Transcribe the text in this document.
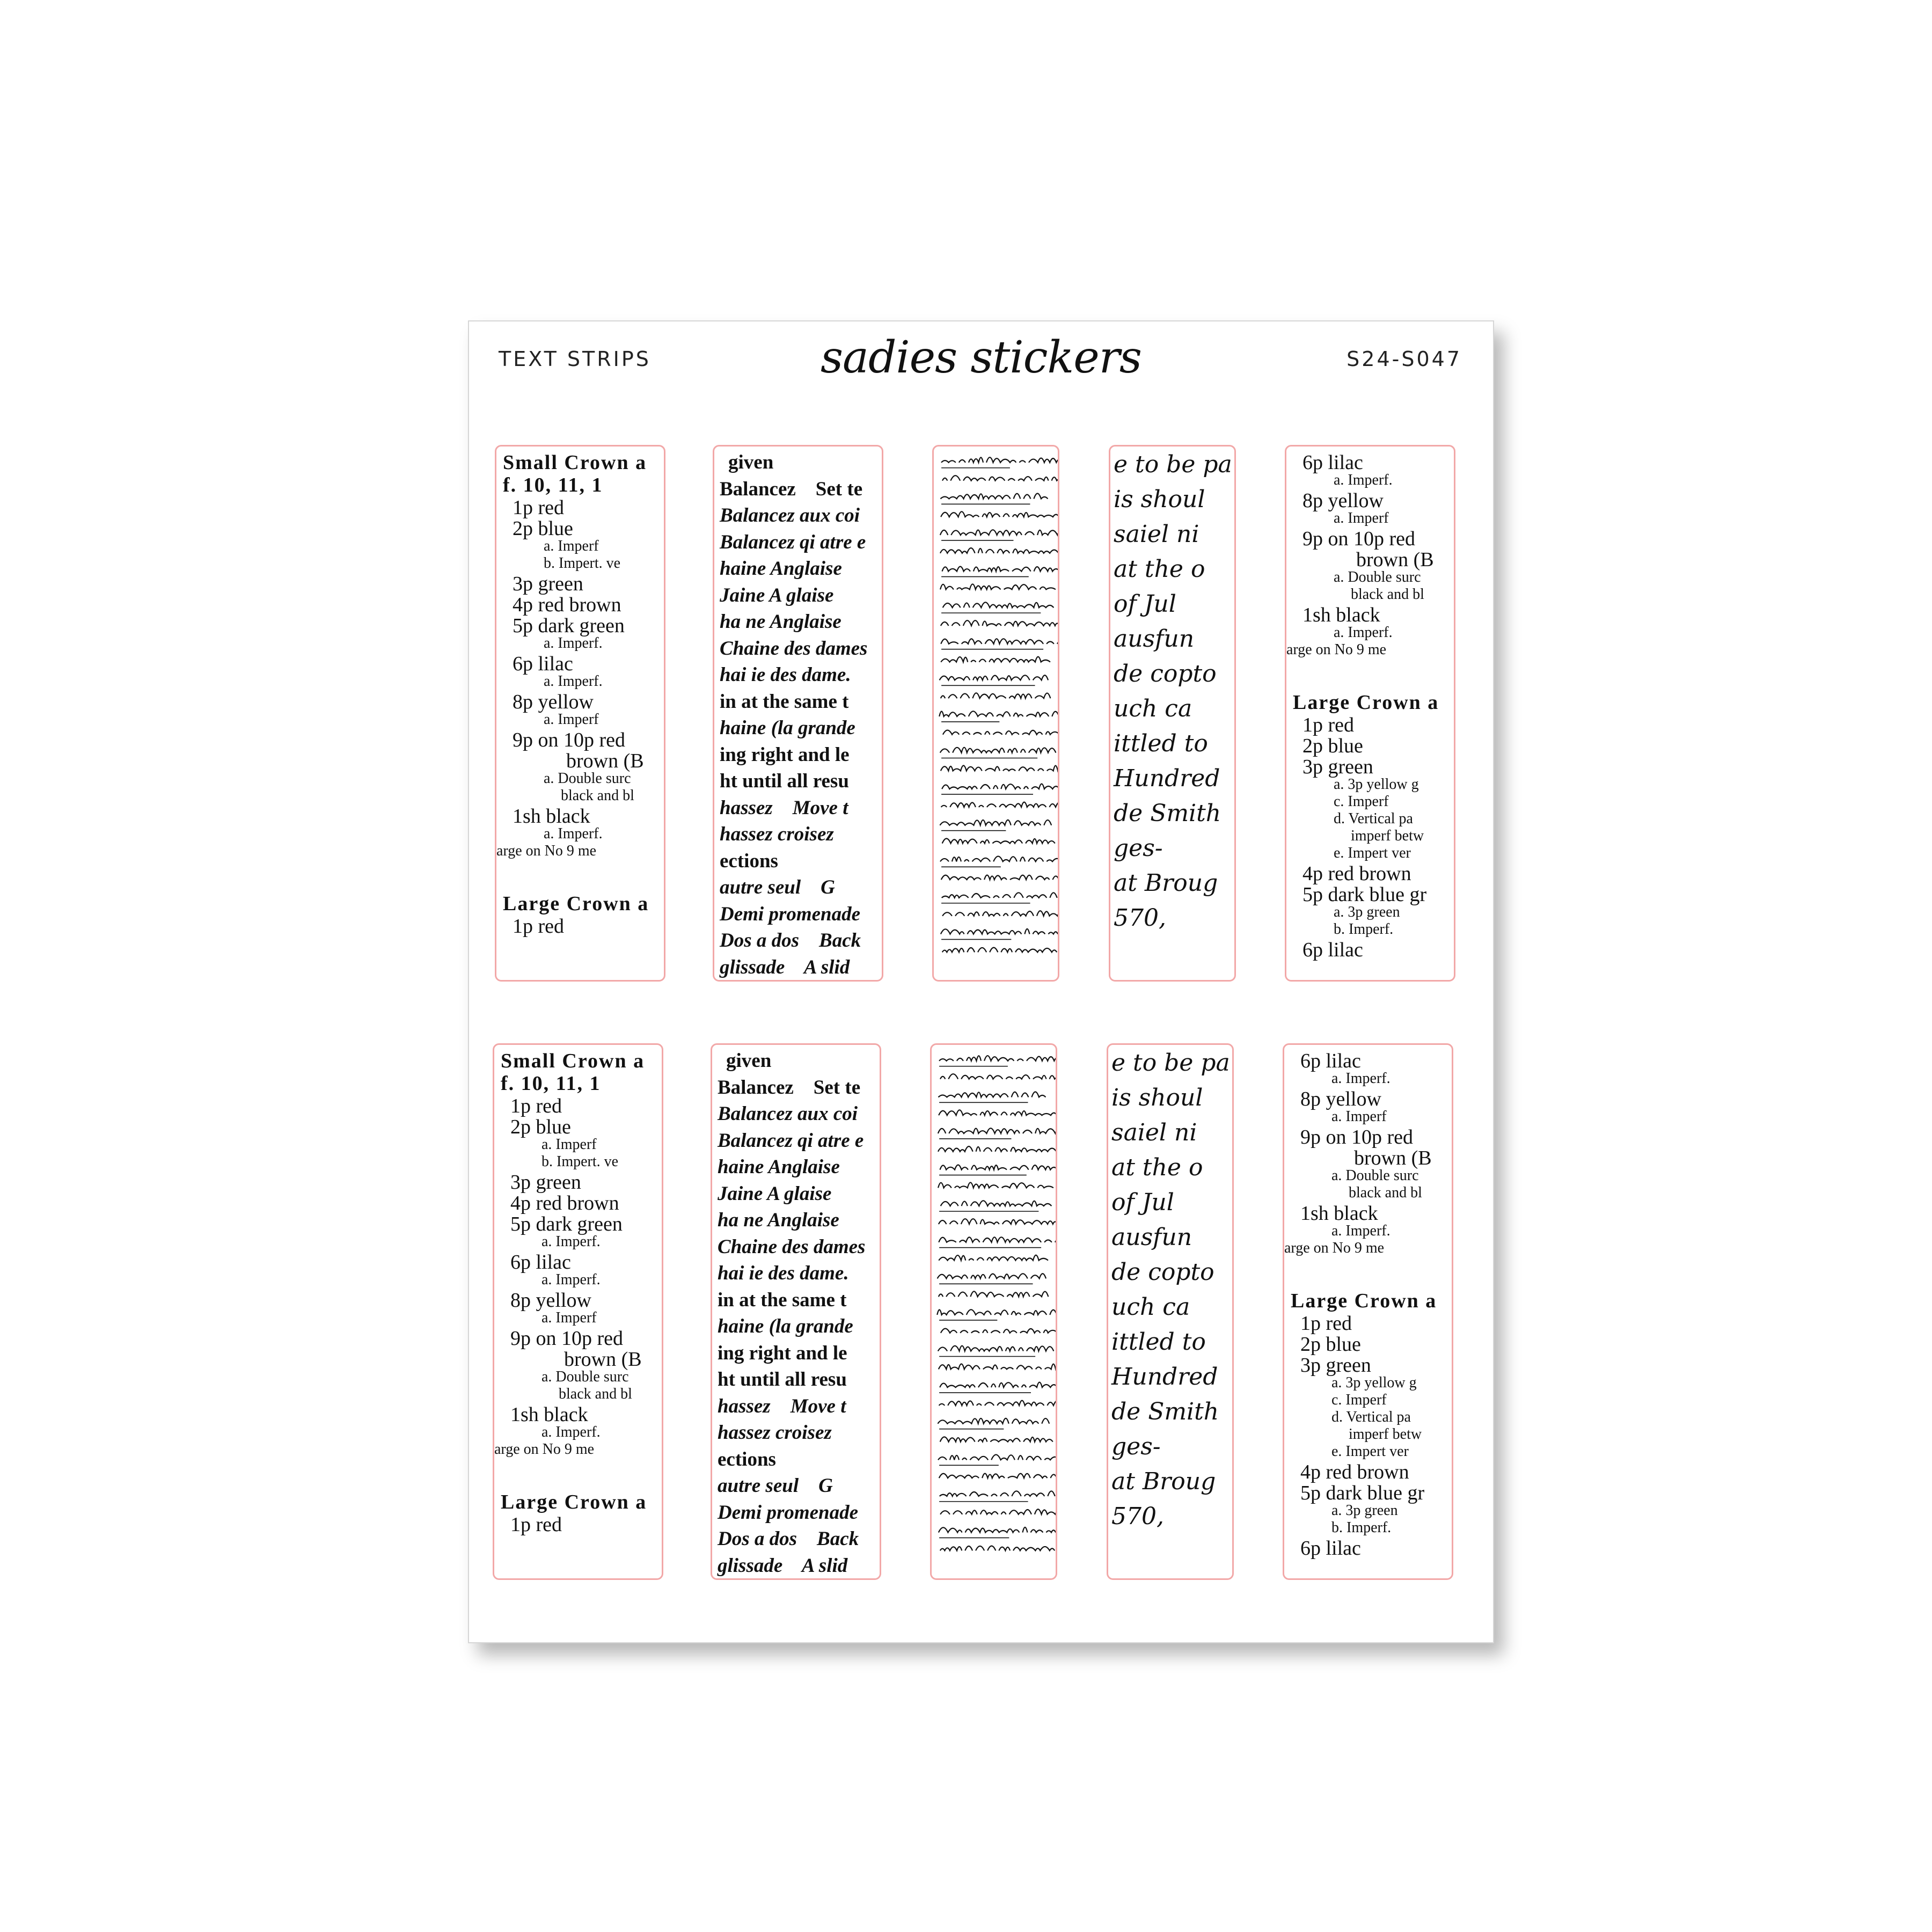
TEXT STRIPS	sadies stickers	S24-S047
Small Crown a
f. 10, 11, 1
1p red
2p blue
a. Imperf
b. Impert. ve
3p green
4p red brown
5p dark green
a. Imperf.
6p lilac
a. Imperf.
8p yellow
a. Imperf
9p on 10p red
brown (B
a. Double surc
black and bl
1sh black
a. Imperf.
arge on No 9 me
Large Crown a
1p red
given
Balancez    Set te
Balancez aux coi
Balancez qi atre e
haine Anglaise
Jaine A glaise
ha ne Anglaise
Chaine des dames
hai ie des dame.
in at the same t
haine (la grande
ing right and le
ht until all resu
hassez    Move t
hassez croisez
ections
autre seul    G
Demi promenade
Dos a dos    Back
glissade    A slid
e to be pa
is shoul
saiel ni
at the o
of Jul
ausfun
de copto
uch ca
ittled to
Hundred
de Smith
ges-
at Broug
570,
6p lilac
a. Imperf.
8p yellow
a. Imperf
9p on 10p red
brown (B
a. Double surc
black and bl
1sh black
a. Imperf.
arge on No 9 me
Large Crown a
1p red
2p blue
3p green
a. 3p yellow g
c. Imperf
d. Vertical pa
imperf betw
e. Impert ver
4p red brown
5p dark blue gr
a. 3p green
b. Imperf.
6p lilac
Small Crown a
f. 10, 11, 1
1p red
2p blue
a. Imperf
b. Impert. ve
3p green
4p red brown
5p dark green
a. Imperf.
6p lilac
a. Imperf.
8p yellow
a. Imperf
9p on 10p red
brown (B
a. Double surc
black and bl
1sh black
a. Imperf.
arge on No 9 me
Large Crown a
1p red
given
Balancez    Set te
Balancez aux coi
Balancez qi atre e
haine Anglaise
Jaine A glaise
ha ne Anglaise
Chaine des dames
hai ie des dame.
in at the same t
haine (la grande
ing right and le
ht until all resu
hassez    Move t
hassez croisez
ections
autre seul    G
Demi promenade
Dos a dos    Back
glissade    A slid
e to be pa
is shoul
saiel ni
at the o
of Jul
ausfun
de copto
uch ca
ittled to
Hundred
de Smith
ges-
at Broug
570,
6p lilac
a. Imperf.
8p yellow
a. Imperf
9p on 10p red
brown (B
a. Double surc
black and bl
1sh black
a. Imperf.
arge on No 9 me
Large Crown a
1p red
2p blue
3p green
a. 3p yellow g
c. Imperf
d. Vertical pa
imperf betw
e. Impert ver
4p red brown
5p dark blue gr
a. 3p green
b. Imperf.
6p lilac
